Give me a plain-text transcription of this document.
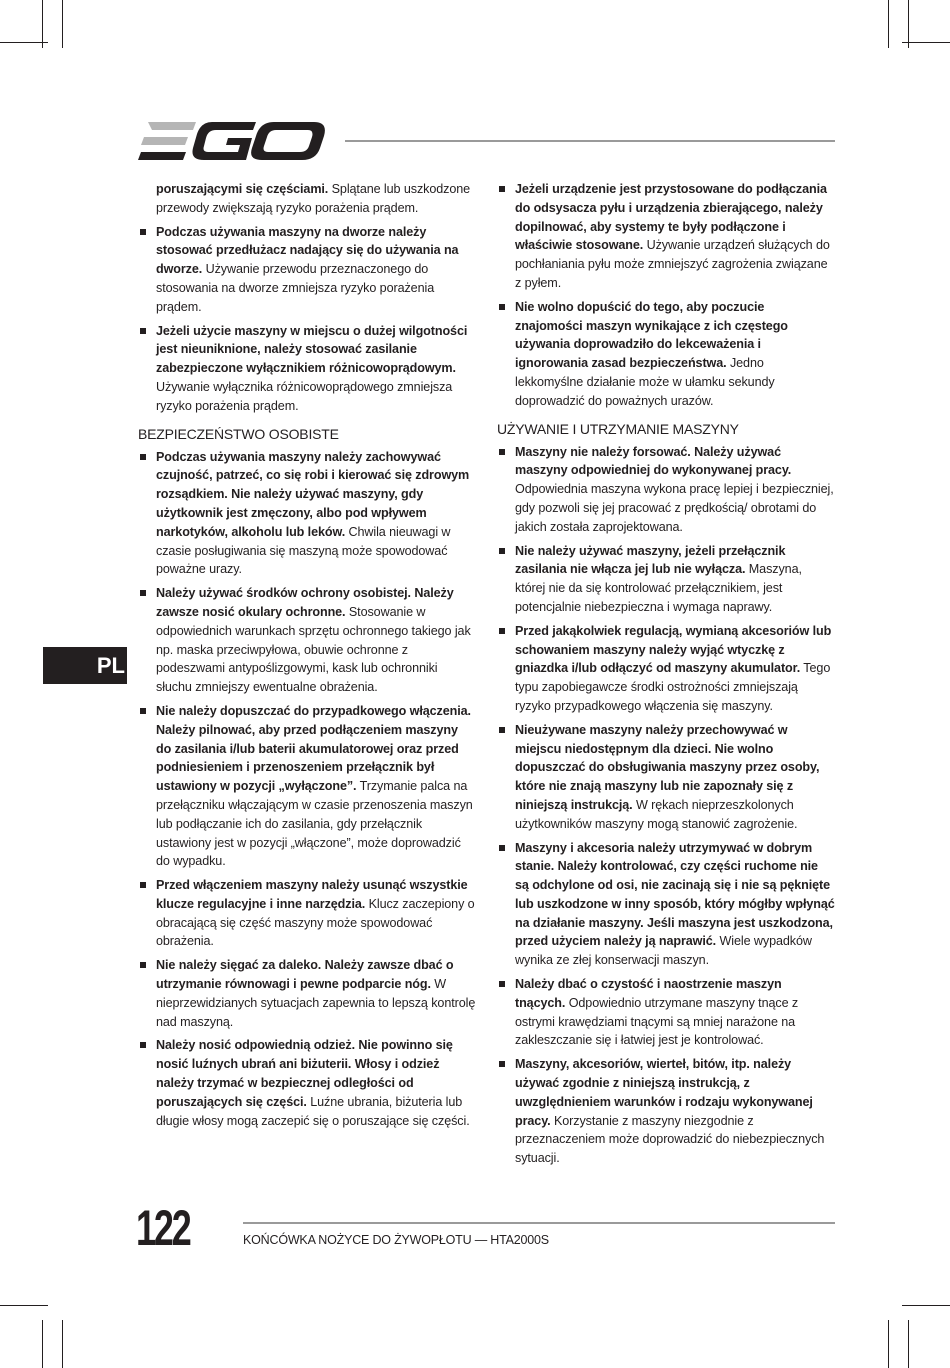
PL

poruszającymi się częściami. Splątane lub uszkodzone przewody zwiększają ryzyko porażenia prądem.

Podczas używania maszyny na dworze należy stosować przedłużacz nadający się do używania na dworze. Używanie przewodu przeznaczonego do stosowania na dworze zmniejsza ryzyko porażenia prądem.

Jeżeli użycie maszyny w miejscu o dużej wilgotności jest nieuniknione, należy stosować zasilanie zabezpieczone wyłącznikiem różnicowoprądowym. Używanie wyłącznika różnicowoprądowego zmniejsza ryzyko porażenia prądem.

BEZPIECZEŃSTWO OSOBISTE

Podczas używania maszyny należy zachowywać czujność, patrzeć, co się robi i kierować się zdrowym rozsądkiem. Nie należy używać maszyny, gdy użytkownik jest zmęczony, albo pod wpływem narkotyków, alkoholu lub leków. Chwila nieuwagi w czasie posługiwania się maszyną może spowodować poważne urazy.

Należy używać środków ochrony osobistej. Należy zawsze nosić okulary ochronne. Stosowanie w odpowiednich warunkach sprzętu ochronnego takiego jak np. maska przeciwpyłowa, obuwie ochronne z podeszwami antypoślizgowymi, kask lub ochronniki słuchu zmniejszy ewentualne obrażenia.

Nie należy dopuszczać do przypadkowego włączenia. Należy pilnować, aby przed podłączeniem maszyny do zasilania i/lub baterii akumulatorowej oraz przed podniesieniem i przenoszeniem przełącznik był ustawiony w pozycji „wyłączone”. Trzymanie palca na przełączniku włączającym w czasie przenoszenia maszyn lub podłączanie ich do zasilania, gdy przełącznik ustawiony jest w pozycji „włączone”, może doprowadzić do wypadku.

Przed włączeniem maszyny należy usunąć wszystkie klucze regulacyjne i inne narzędzia. Klucz zaczepiony o obracającą się część maszyny może spowodować obrażenia.

Nie należy sięgać za daleko. Należy zawsze dbać o utrzymanie równowagi i pewne podparcie nóg. W nieprzewidzianych sytuacjach zapewnia to lepszą kontrolę nad maszyną.

Należy nosić odpowiednią odzież. Nie powinno się nosić luźnych ubrań ani biżuterii. Włosy i odzież należy trzymać w bezpiecznej odległości od poruszających się części. Luźne ubrania, biżuteria lub długie włosy mogą zaczepić się o poruszające się części.

Jeżeli urządzenie jest przystosowane do podłączania do odsysacza pyłu i urządzenia zbierającego, należy dopilnować, aby systemy te były podłączone i właściwie stosowane. Używanie urządzeń służących do pochłaniania pyłu może zmniejszyć zagrożenia związane z pyłem.

Nie wolno dopuścić do tego, aby poczucie znajomości maszyn wynikające z ich częstego używania doprowadziło do lekceważenia i ignorowania zasad bezpieczeństwa. Jedno lekkomyślne działanie może w ułamku sekundy doprowadzić do poważnych urazów.

UŻYWANIE I UTRZYMANIE MASZYNY

Maszyny nie należy forsować. Należy używać maszyny odpowiedniej do wykonywanej pracy. Odpowiednia maszyna wykona pracę lepiej i bezpieczniej, gdy pozwoli się jej pracować z prędkością/ obrotami do jakich została zaprojektowana.

Nie należy używać maszyny, jeżeli przełącznik zasilania nie włącza jej lub nie wyłącza. Maszyna, której nie da się kontrolować przełącznikiem, jest potencjalnie niebezpieczna i wymaga naprawy.

Przed jakąkolwiek regulacją, wymianą akcesoriów lub schowaniem maszyny należy wyjąć wtyczkę z gniazdka i/lub odłączyć od maszyny akumulator. Tego typu zapobiegawcze środki ostrożności zmniejszają ryzyko przypadkowego włączenia się maszyny.

Nieużywane maszyny należy przechowywać w miejscu niedostępnym dla dzieci. Nie wolno dopuszczać do obsługiwania maszyny przez osoby, które nie znają maszyny lub nie zapoznały się z niniejszą instrukcją. W rękach nieprzeszkolonych użytkowników maszyny mogą stanowić zagrożenie.

Maszyny i akcesoria należy utrzymywać w dobrym stanie. Należy kontrolować, czy części ruchome nie są odchylone od osi, nie zacinają się i nie są pęknięte lub uszkodzone w inny sposób, który mógłby wpłynąć na działanie maszyny. Jeśli maszyna jest uszkodzona, przed użyciem należy ją naprawić. Wiele wypadków wynika ze złej konserwacji maszyn.

Należy dbać o czystość i naostrzenie maszyn tnących. Odpowiednio utrzymane maszyny tnące z ostrymi krawędziami tnącymi są mniej narażone na zakleszczanie się i łatwiej jest je kontrolować.

Maszyny, akcesoriów, wierteł, bitów, itp. należy używać zgodnie z niniejszą instrukcją, z uwzględnieniem warunków i rodzaju wykonywanej pracy. Korzystanie z maszyny niezgodnie z przeznaczeniem może doprowadzić do niebezpiecznych sytuacji.

122	KOŃCÓWKA NOŻYCE DO ŻYWOPŁOTU — HTA2000S
